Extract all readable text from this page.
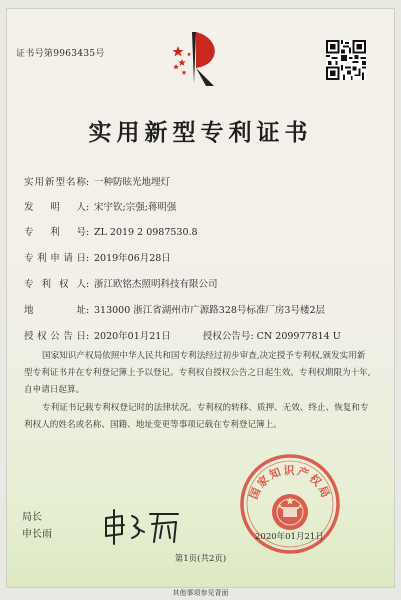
证书号第9963435号
实用新型专利证书
实用新型名称: 一种防眩光地埋灯
发明人: 宋宇钦;宗强;蒋明强
专利号: ZL 2019 2 0987530.8
专利申请日: 2019年06月28日
专利权人: 浙江欧铭杰照明科技有限公司
地址: 313000 浙江省湖州市广源路328号标准厂房3号楼2层
授权公告日: 2020年01月21日	授权公告号: CN 209977814 U
国家知识产权局依照中华人民共和国专利法经过初步审查,决定授予专利权,颁发实用新型专利证书并在专利登记簿上予以登记。专利权自授权公告之日起生效。专利权期限为十年,自申请日起算。
专利证书记载专利权登记时的法律状况。专利权的转移、质押、无效、终止、恢复和专利权人的姓名或名称、国籍、地址变更等事项记载在专利登记簿上。
局长
申长雨
国家知识产权局
2020年01月21日
第1页(共2页)
其他事项参见背面
